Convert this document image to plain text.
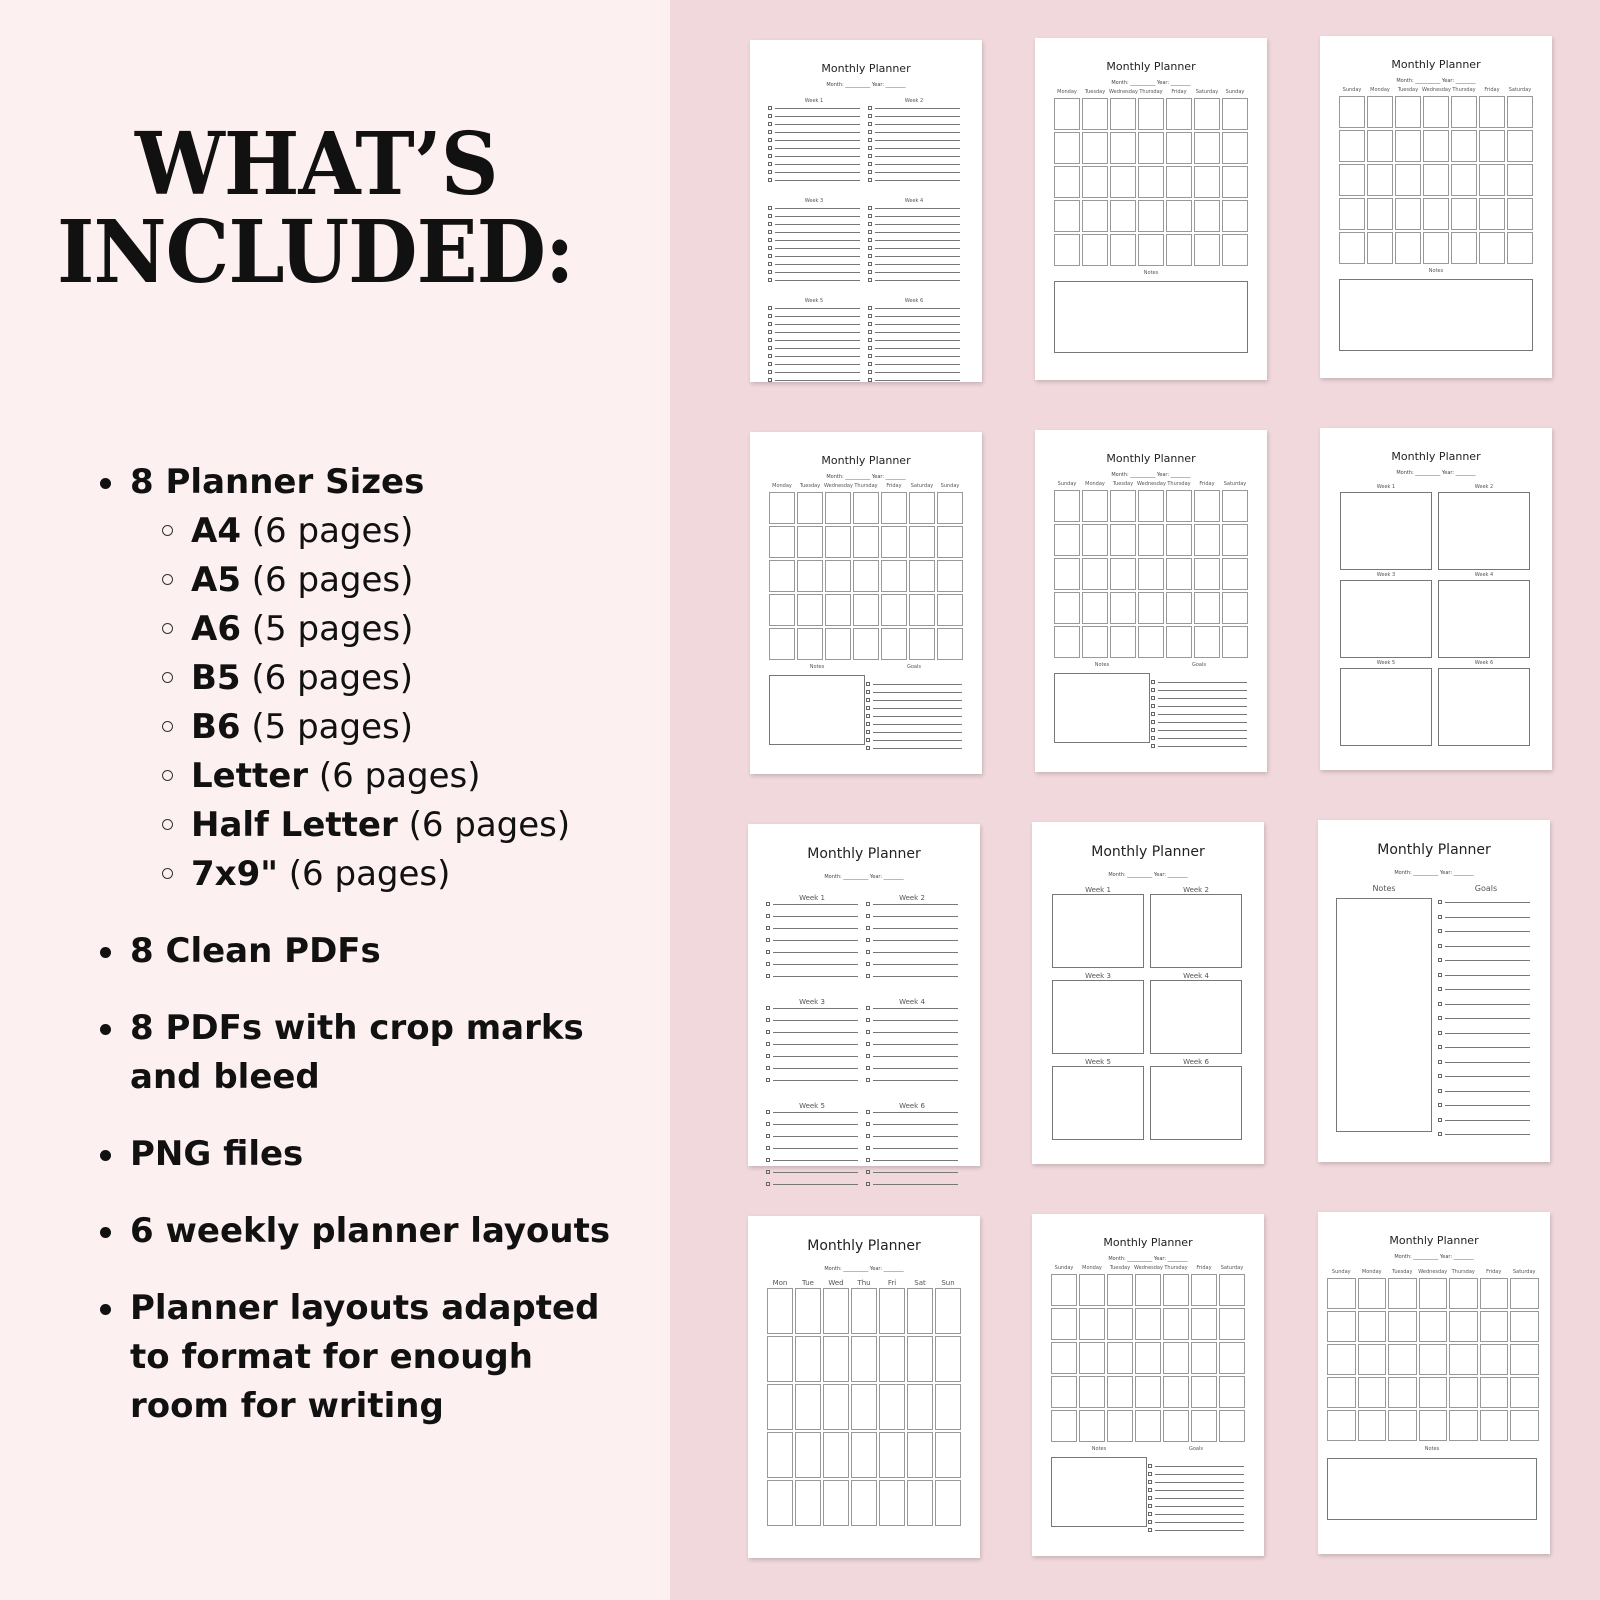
WHAT’S
INCLUDED:
8 Planner Sizes
A4 (6 pages)
A5 (6 pages)
A6 (5 pages)
B5 (6 pages)
B6 (5 pages)
Letter (6 pages)
Half Letter (6 pages)
7x9" (6 pages)
8 Clean PDFs
8 PDFs with crop marks
and bleed
PNG files
6 weekly planner layouts
Planner layouts adapted
to format for enough
room for writing
Monthly Planner
Month: __________ Year: ________
Week 1	Week 2
Week 3	Week 4
Week 5	Week 6
Monthly Planner
Month: __________ Year: ________
Monday	Tuesday Wednesday Thursday	Friday	Saturday	Sunday
Notes
Monthly Planner
Month: __________ Year: ________
Sunday	Monday	Tuesday Wednesday Thursday	Friday	Saturday
Notes
Monthly Planner
Month: __________ Year: ________
Monday	Tuesday Wednesday Thursday	Friday	Saturday	Sunday
Notes	Goals
Monthly Planner
Month: __________ Year: ________
Sunday	Monday	Tuesday Wednesday Thursday	Friday	Saturday
Notes	Goals
Monthly Planner
Month: __________ Year: ________
Week 1	Week 2
Week 3	Week 4
Week 5	Week 6
Monthly Planner
Month: __________ Year: ________
Week 1	Week 2
Week 3	Week 4
Week 5	Week 6
Monthly Planner
Month: __________ Year: ________
Week 1	Week 2
Week 3	Week 4
Week 5	Week 6
Monthly Planner
Month: __________ Year: ________
Notes	Goals
Monthly Planner
Month: __________ Year: ________
Mon	Tue	Wed	Thu	Fri	Sat	Sun
Monthly Planner
Month: __________ Year: ________
Sunday	Monday	Tuesday Wednesday Thursday	Friday	Saturday
Notes	Goals
Monthly Planner
Month: __________ Year: ________
Sunday	Monday	Tuesday	Wednesday Thursday	Friday	Saturday
Notes
